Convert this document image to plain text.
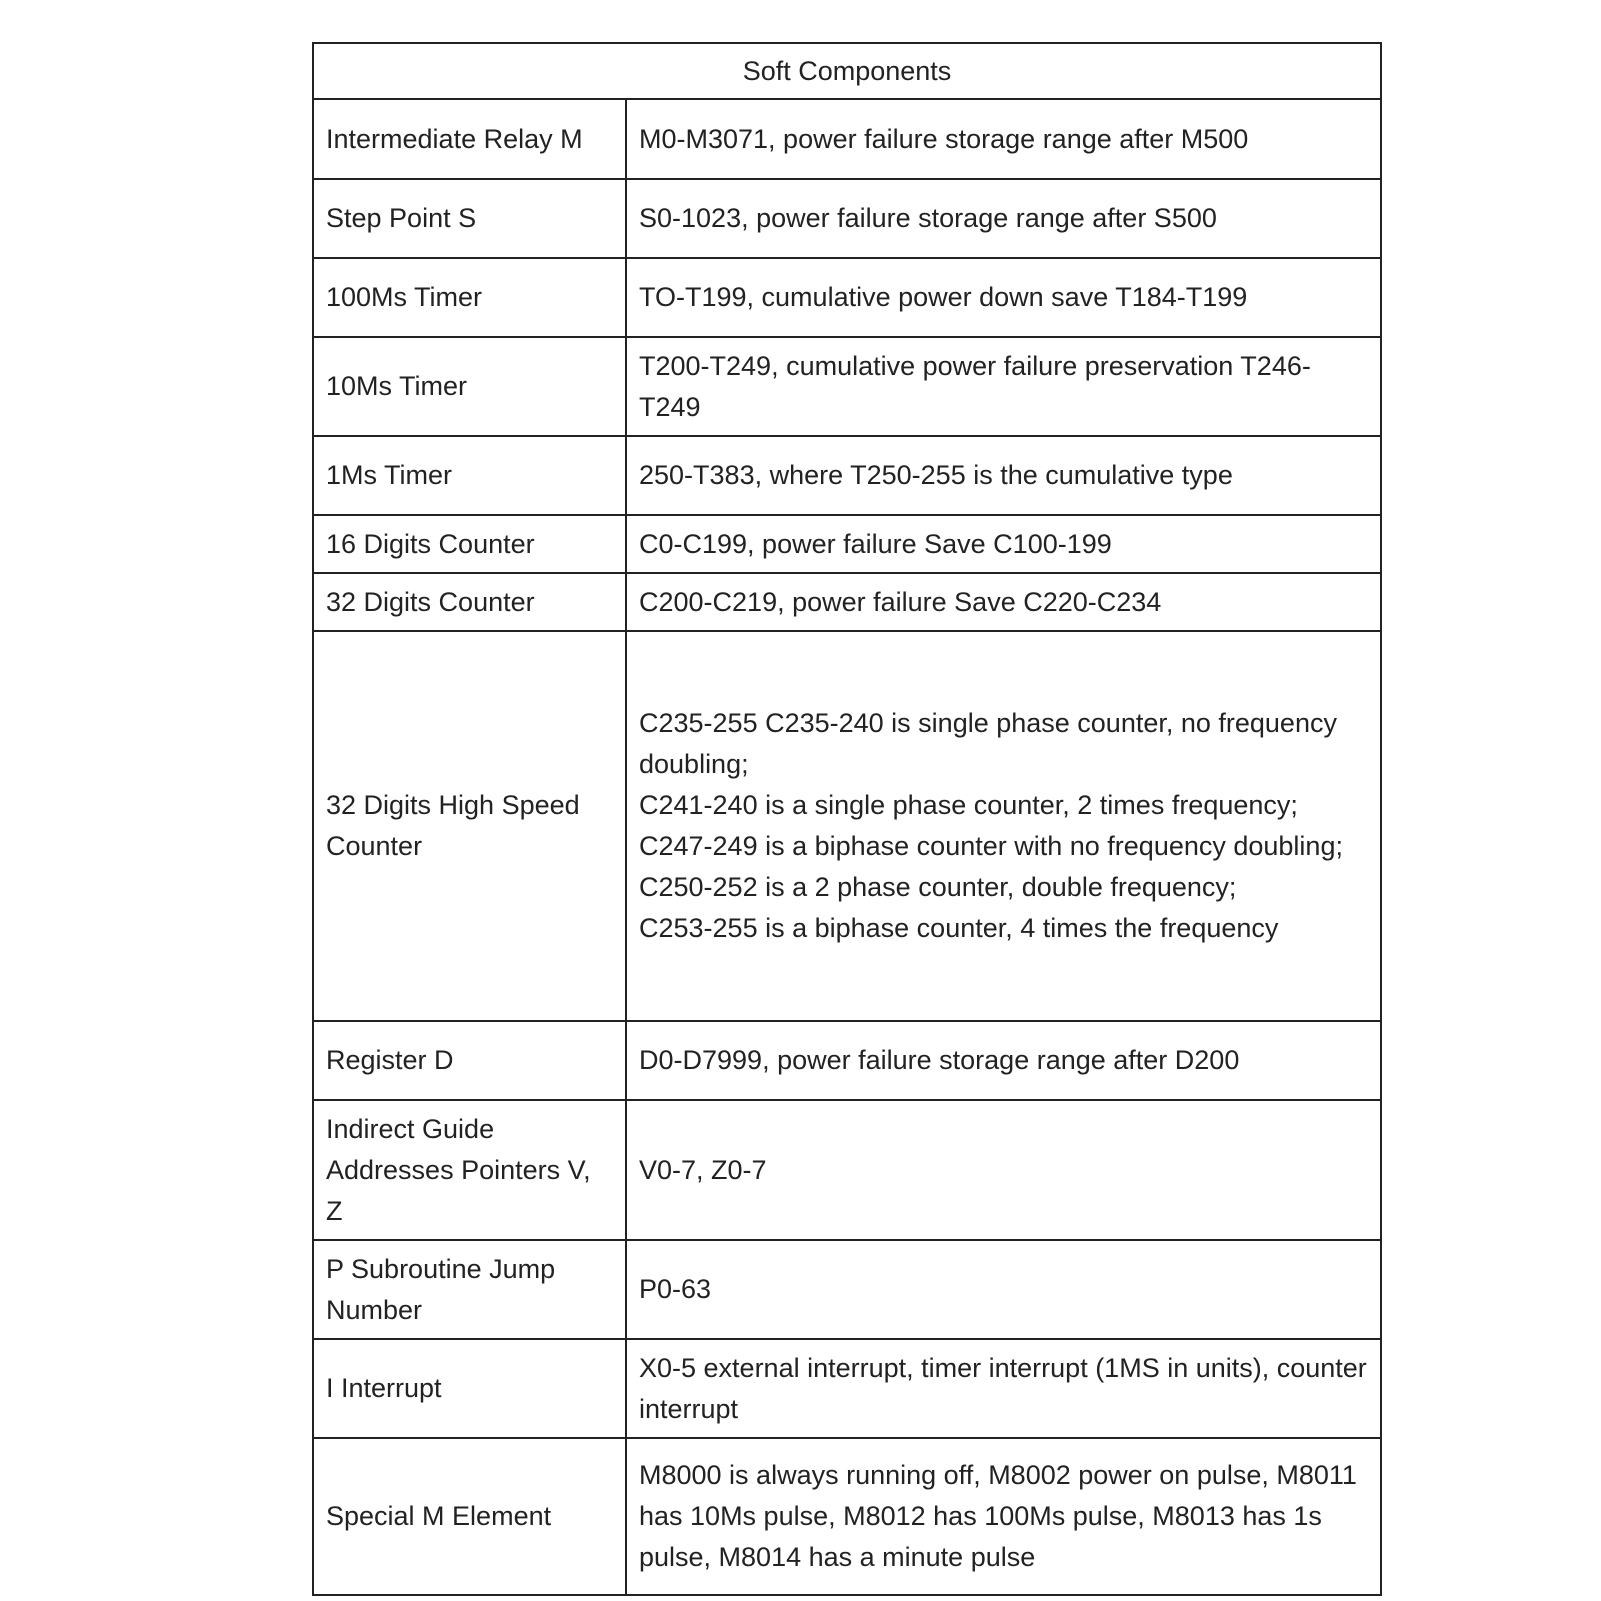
Soft Components	
Intermediate Relay M	M0-M3071, power failure storage range after M500
Step Point S	S0-1023, power failure storage range after S500
100Ms Timer	TO-T199, cumulative power down save T184-T199
10Ms Timer	T200-T249, cumulative power failure preservation T246-T249
1Ms Timer	250-T383, where T250-255 is the cumulative type
16 Digits Counter	C0-C199, power failure Save C100-199
32 Digits Counter	C200-C219, power failure Save C220-C234
32 Digits High Speed Counter	C235-255 C235-240 is single phase counter, no frequency doubling;
C241-240 is a single phase counter, 2 times frequency;
C247-249 is a biphase counter with no frequency doubling;
C250-252 is a 2 phase counter, double frequency;
C253-255 is a biphase counter, 4 times the frequency
Register D	D0-D7999, power failure storage range after D200
Indirect Guide Addresses Pointers V, Z	V0-7, Z0-7
P Subroutine Jump Number	P0-63
I Interrupt	X0-5 external interrupt, timer interrupt (1MS in units), counter interrupt
Special M Element	M8000 is always running off, M8002 power on pulse, M8011 has 10Ms pulse, M8012 has 100Ms pulse, M8013 has 1s pulse, M8014 has a minute pulse
